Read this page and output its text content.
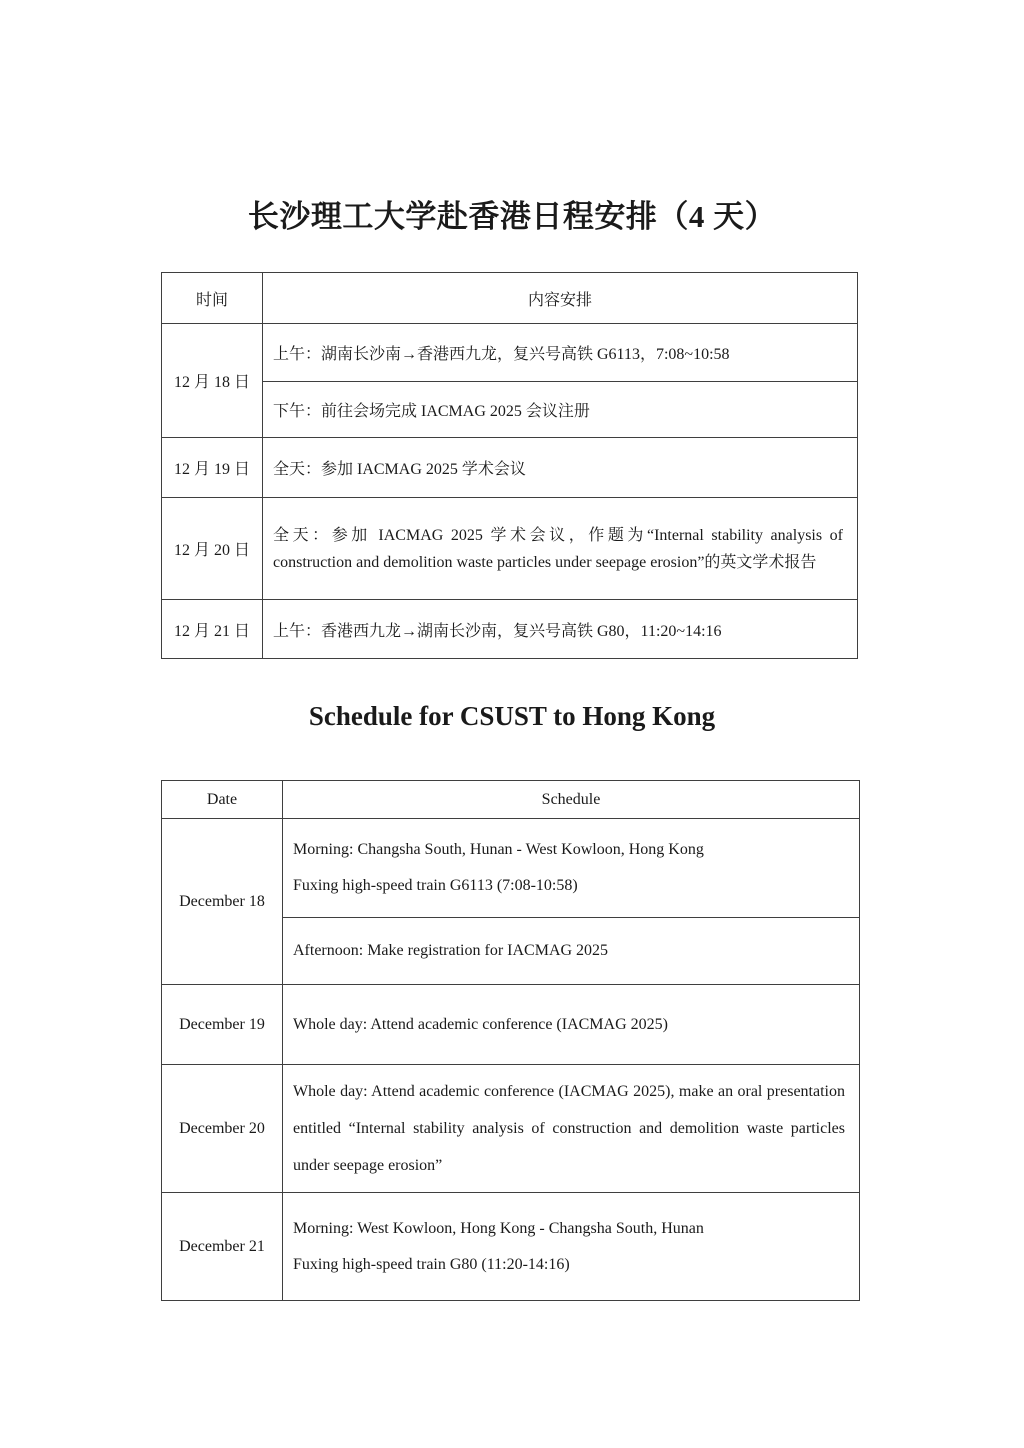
长沙理工大学赴香港日程安排（4 天）
时间	内容安排
12 月 18 日	上午：湖南长沙南→香港西九龙，复兴号高铁 G6113，7:08~10:58
	下午：前往会场完成 IACMAG 2025 会议注册
12 月 19 日	全天：参加 IACMAG 2025 学术会议
12 月 20 日	全天：参加 IACMAG 2025 学术会议，作题为“Internal stability analysis of construction and demolition waste particles under seepage erosion”的英文学术报告
12 月 21 日	上午：香港西九龙→湖南长沙南，复兴号高铁 G80，11:20~14:16
Schedule for CSUST to Hong Kong
Date	Schedule
December 18	Morning: Changsha South, Hunan - West Kowloon, Hong Kong
Fuxing high-speed train G6113 (7:08-10:58)

	Afternoon: Make registration for IACMAG 2025
December 19	Whole day: Attend academic conference (IACMAG 2025)
December 20	Whole day: Attend academic conference (IACMAG 2025), make an oral presentation entitled “Internal stability analysis of construction and demolition waste particles under seepage erosion”
December 21	Morning: West Kowloon, Hong Kong - Changsha South, Hunan
Fuxing high-speed train G80 (11:20-14:16)
